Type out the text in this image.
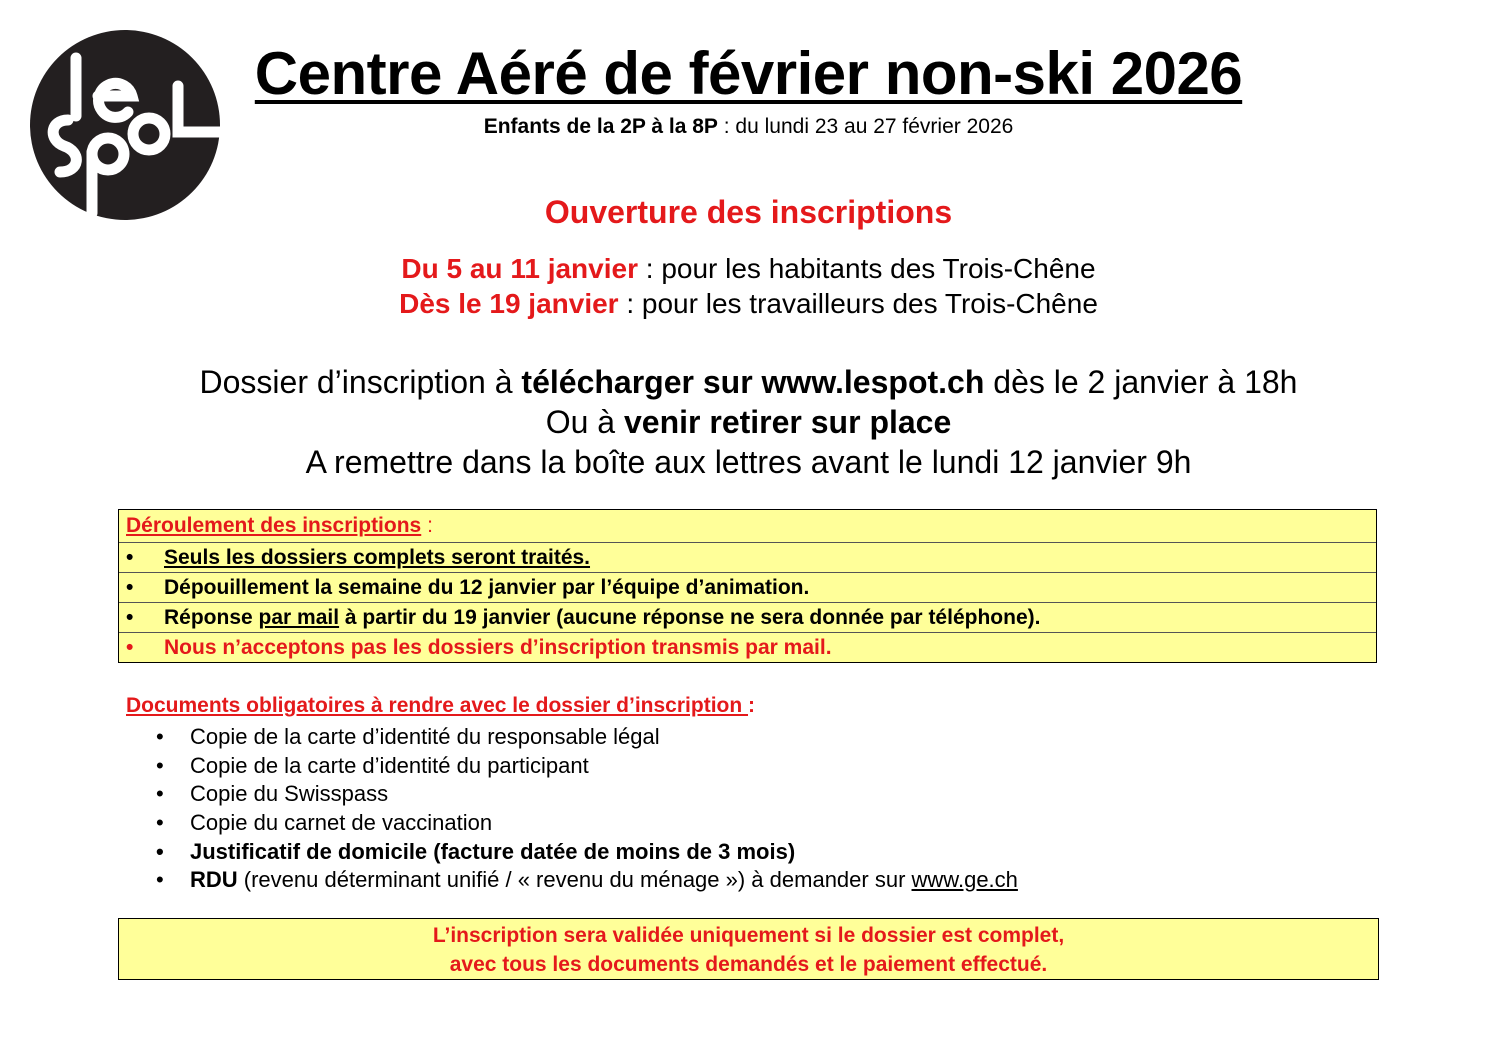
Centre Aéré de février non-ski 2026
Enfants de la 2P à la 8P : du lundi 23 au 27 février 2026
Ouverture des inscriptions
Du 5 au 11 janvier : pour les habitants des Trois-Chêne
Dès le 19 janvier : pour les travailleurs des Trois-Chêne
Dossier d’inscription à télécharger sur www.lespot.ch dès le 2 janvier à 18h
Ou à venir retirer sur place
A remettre dans la boîte aux lettres avant le lundi 12 janvier 9h
Déroulement des inscriptions :
• Seuls les dossiers complets seront traités.
• Dépouillement la semaine du 12 janvier par l’équipe d’animation.
• Réponse par mail à partir du 19 janvier (aucune réponse ne sera donnée par téléphone).
• Nous n’acceptons pas les dossiers d’inscription transmis par mail.
Documents obligatoires à rendre avec le dossier d’inscription :
• Copie de la carte d’identité du responsable légal
• Copie de la carte d’identité du participant
• Copie du Swisspass
• Copie du carnet de vaccination
• Justificatif de domicile (facture datée de moins de 3 mois)
• RDU (revenu déterminant unifié / « revenu du ménage ») à demander sur www.ge.ch
L’inscription sera validée uniquement si le dossier est complet,
avec tous les documents demandés et le paiement effectué.
